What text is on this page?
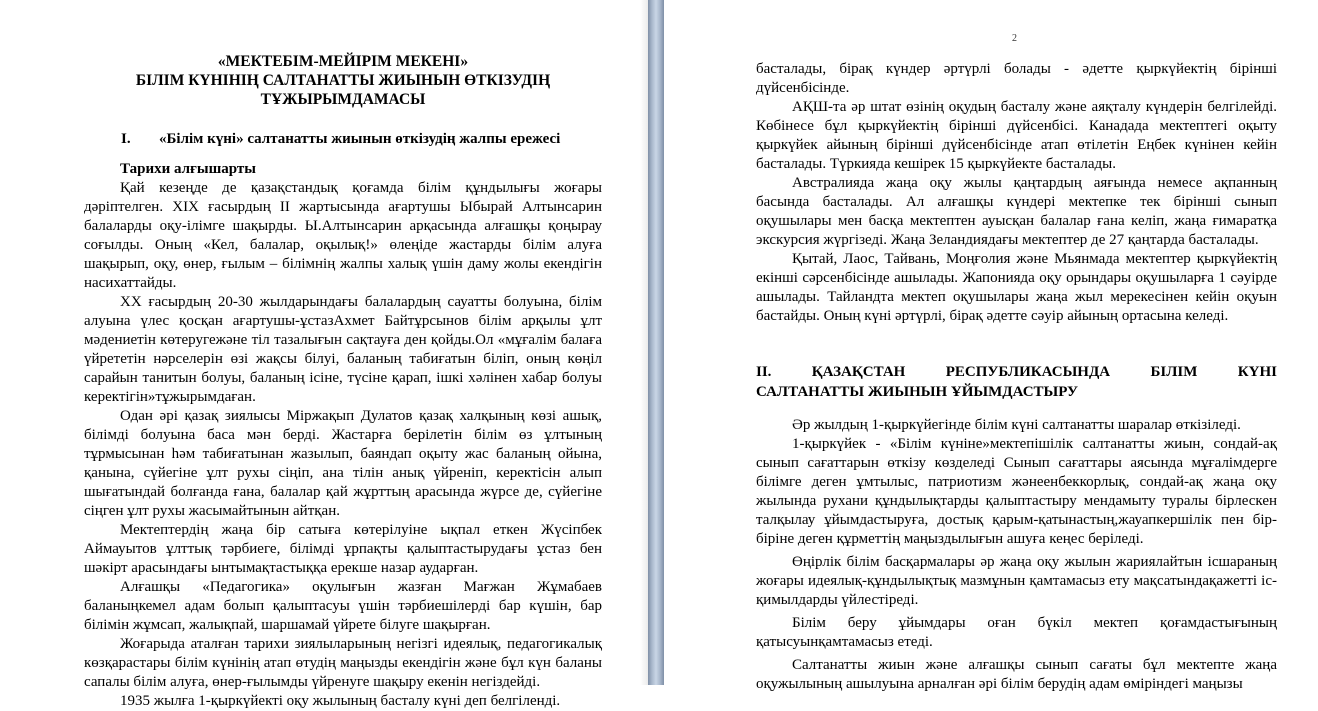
«МЕКТЕБІМ-МЕЙІРІМ МЕКЕНІ»
БІЛІМ КҮНІНІҢ САЛТАНАТТЫ ЖИЫНЫН ӨТКІЗУДІҢ
ТҰЖЫРЫМДАМАСЫ
I. «Білім күні» салтанатты жиынын өткізудің жалпы ережесі
Тарихи алғышарты

Қай кезеңде де қазақстандық қоғамда білім құндылығы жоғары дәріптелген. XIX ғасырдың ІІ жартысында ағартушы Ыбырай Алтынсарин балаларды оқу-ілімге шақырды. Ы.Алтынсарин арқасында алғашқы қоңырау соғылды. Оның «Кел, балалар, оқылық!» өлеңіде жастарды білім алуға шақырып, оқу, өнер, ғылым – білімнің жалпы халық үшін даму жолы екендігін насихаттайды.

XX ғасырдың 20-30 жылдарындағы балалардың сауатты болуына, білім алуына үлес қосқан ағартушы-ұстазАхмет Байтұрсынов білім арқылы ұлт мәдениетін көтеругежәне тіл тазалығын сақтауға ден қойды.Ол «мұғалім балаға үйрететін нәрселерін өзі жақсы білуі, баланың табиғатын біліп, оның көңіл сарайын танитын болуы, баланың ісіне, түсіне қарап, ішкі хәлінен хабар болуы керектігін»тұжырымдаған.

Одан әрі қазақ зиялысы Міржақып Дулатов қазақ халқының көзі ашық, білімді болуына баса мән берді. Жастарға берілетін білім өз ұлтының тұрмысынан һәм табиғатынан жазылып, баяндап оқыту жас баланың ойына, қанына, сүйегіне ұлт рухы сіңіп, ана тілін анық үйреніп, керектісін алып шығатындай болғанда ғана, балалар қай жұрттың арасында жүрсе де, сүйегіне сіңген ұлт рухы жасымайтынын айтқан.

Мектептердің жаңа бір сатыға көтерілуіне ықпал еткен Жүсіпбек Аймауытов ұлттық тәрбиеге, білімді ұрпақты қалыптастырудағы ұстаз бен шәкірт арасындағы ынтымақтастыққа ерекше назар аударған.

Алғашқы «Педагогика» оқулығын жазған Мағжан Жұмабаев баланыңкемел адам болып қалыптасуы үшін тәрбиешілерді бар күшін, бар білімін жұмсап, жалықпай, шаршамай үйрете білуге шақырған.

Жоғарыда аталған тарихи зиялыларының негізгі идеялық, педагогикалық көзқарастары білім күнінің атап өтудің маңызды екендігін және бұл күн баланы сапалы білім алуға, өнер-ғылымды үйренуге шақыру екенін негіздейді.

1935 жылға 1-қыркүйекті оқу жылының басталу күні деп белгіленді.

2

басталады, бірақ күндер әртүрлі болады - әдетте қыркүйектің бірінші дүйсенбісінде.

АҚШ-та әр штат өзінің оқудың басталу және аяқталу күндерін белгілейді. Көбінесе бұл қыркүйектің бірінші дүйсенбісі. Канадада мектептегі оқыту қыркүйек айының бірінші дүйсенбісінде атап өтілетін Еңбек күнінен кейін басталады. Түркияда кешірек 15 қыркүйекте басталады.

Австралияда жаңа оқу жылы қаңтардың аяғында немесе ақпанның басында басталады. Ал алғашқы күндері мектепке тек бірінші сынып оқушылары мен басқа мектептен ауысқан балалар ғана келіп, жаңа ғимаратқа экскурсия жүргізеді. Жаңа Зеландиядағы мектептер де 27 қаңтарда басталады.

Қытай, Лаос, Тайвань, Моңғолия және Мьянмада мектептер қыркүйектің екінші сәрсенбісінде ашылады. Жапонияда оқу орындары оқушыларға 1 сәуірде ашылады. Тайландта мектеп оқушылары жаңа жыл мерекесінен кейін оқуын бастайды. Оның күні әртүрлі, бірақ әдетте сәуір айының ортасына келеді.

II. ҚАЗАҚСТАН РЕСПУБЛИКАСЫНДА БІЛІМ КҮНІ
САЛТАНАТТЫ ЖИЫНЫН ҰЙЫМДАСТЫРУ

Әр жылдың 1-қыркүйегінде білім күні салтанатты шаралар өткізіледі.

1-қыркүйек - «Білім күніне»мектепішілік салтанатты жиын, сондай-ақ сынып сағаттарын өткізу көзделеді Сынып сағаттары аясында мұғалімдерге білімге деген ұмтылыс, патриотизм жәнеенбеккорлық, сондай-ақ жаңа оқу жылында рухани құндылықтарды қалыптастыру мендамыту туралы бірлескен талқылау ұйымдастыруға, достық қарым-қатынастың,жауапкершілік пен бір-біріне деген құрметтің маңыздылығын ашуға кеңес беріледі.

Өңірлік білім басқармалары әр жаңа оқу жылын жариялайтын ісшараның жоғары идеялық-құндылықтық мазмұнын қамтамасыз ету мақсатындақажетті іс-қимылдарды үйлестіреді.

Білім беру ұйымдары оған бүкіл мектеп қоғамдастығының қатысуынқамтамасыз етеді.

Салтанатты жиын және алғашқы сынып сағаты бұл мектепте жаңа оқужылының ашылуына арналған әрі білім берудің адам өміріндегі маңызы
